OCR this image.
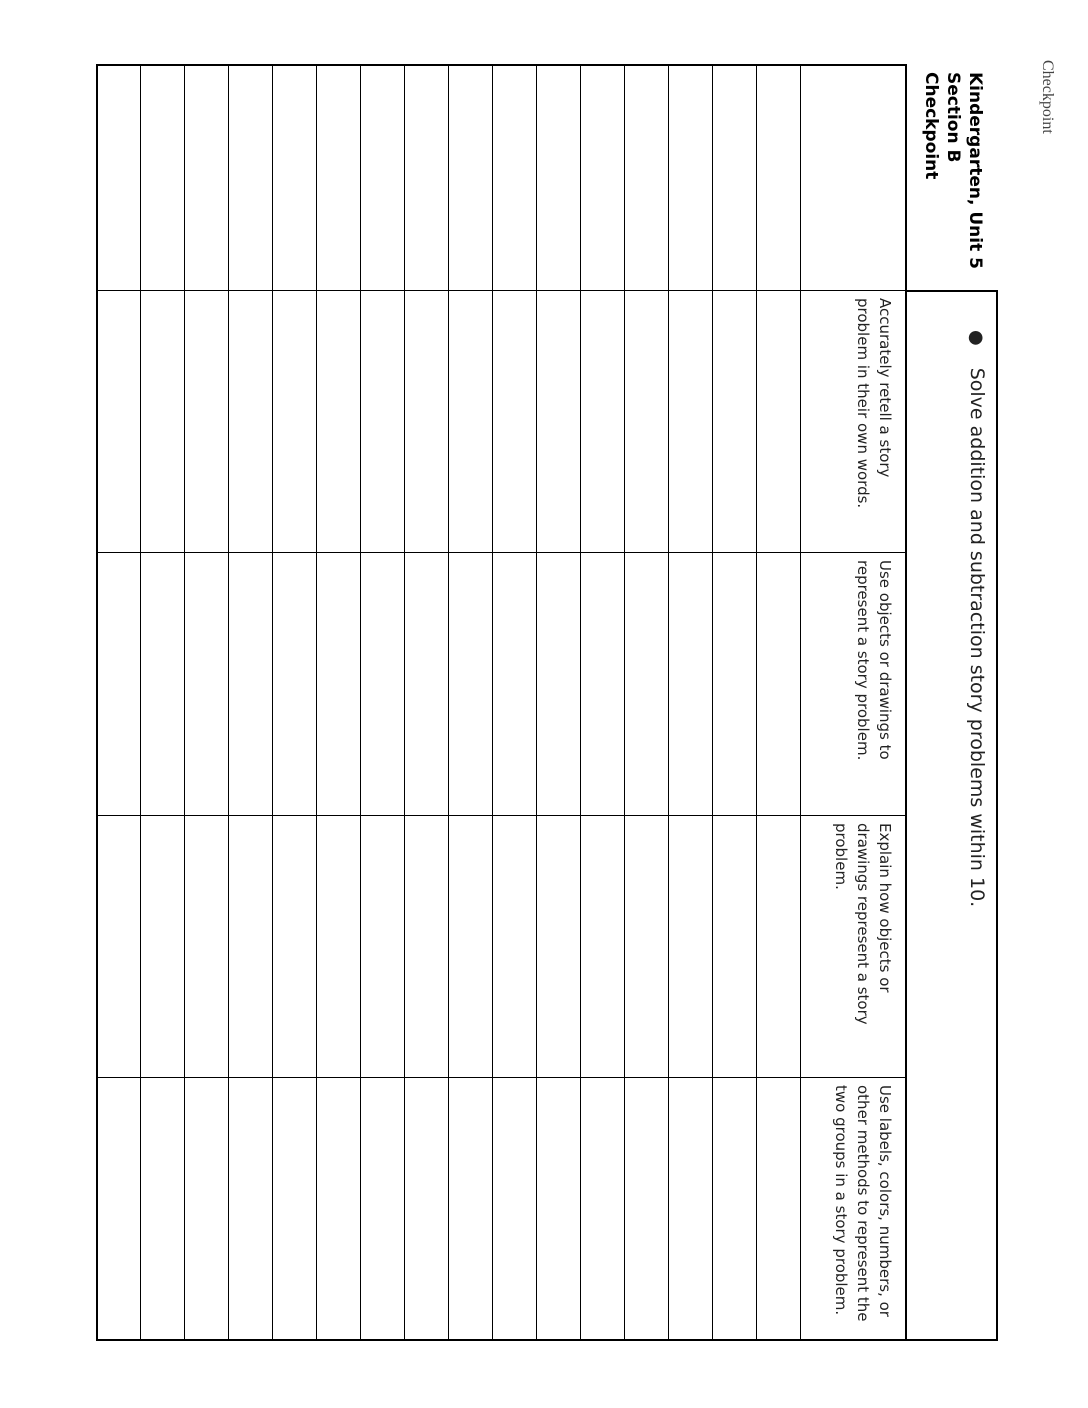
Checkpoint
Kindergarten, Unit 5
Section B
Checkpoint
●
Solve addition and subtraction story problems within 10.
Accurately retell a story problem in their own words.
Use objects or drawings to represent a story problem.
Explain how objects or drawings represent a story problem.
Use labels, colors, numbers, or other methods to represent the two groups in a story problem.
